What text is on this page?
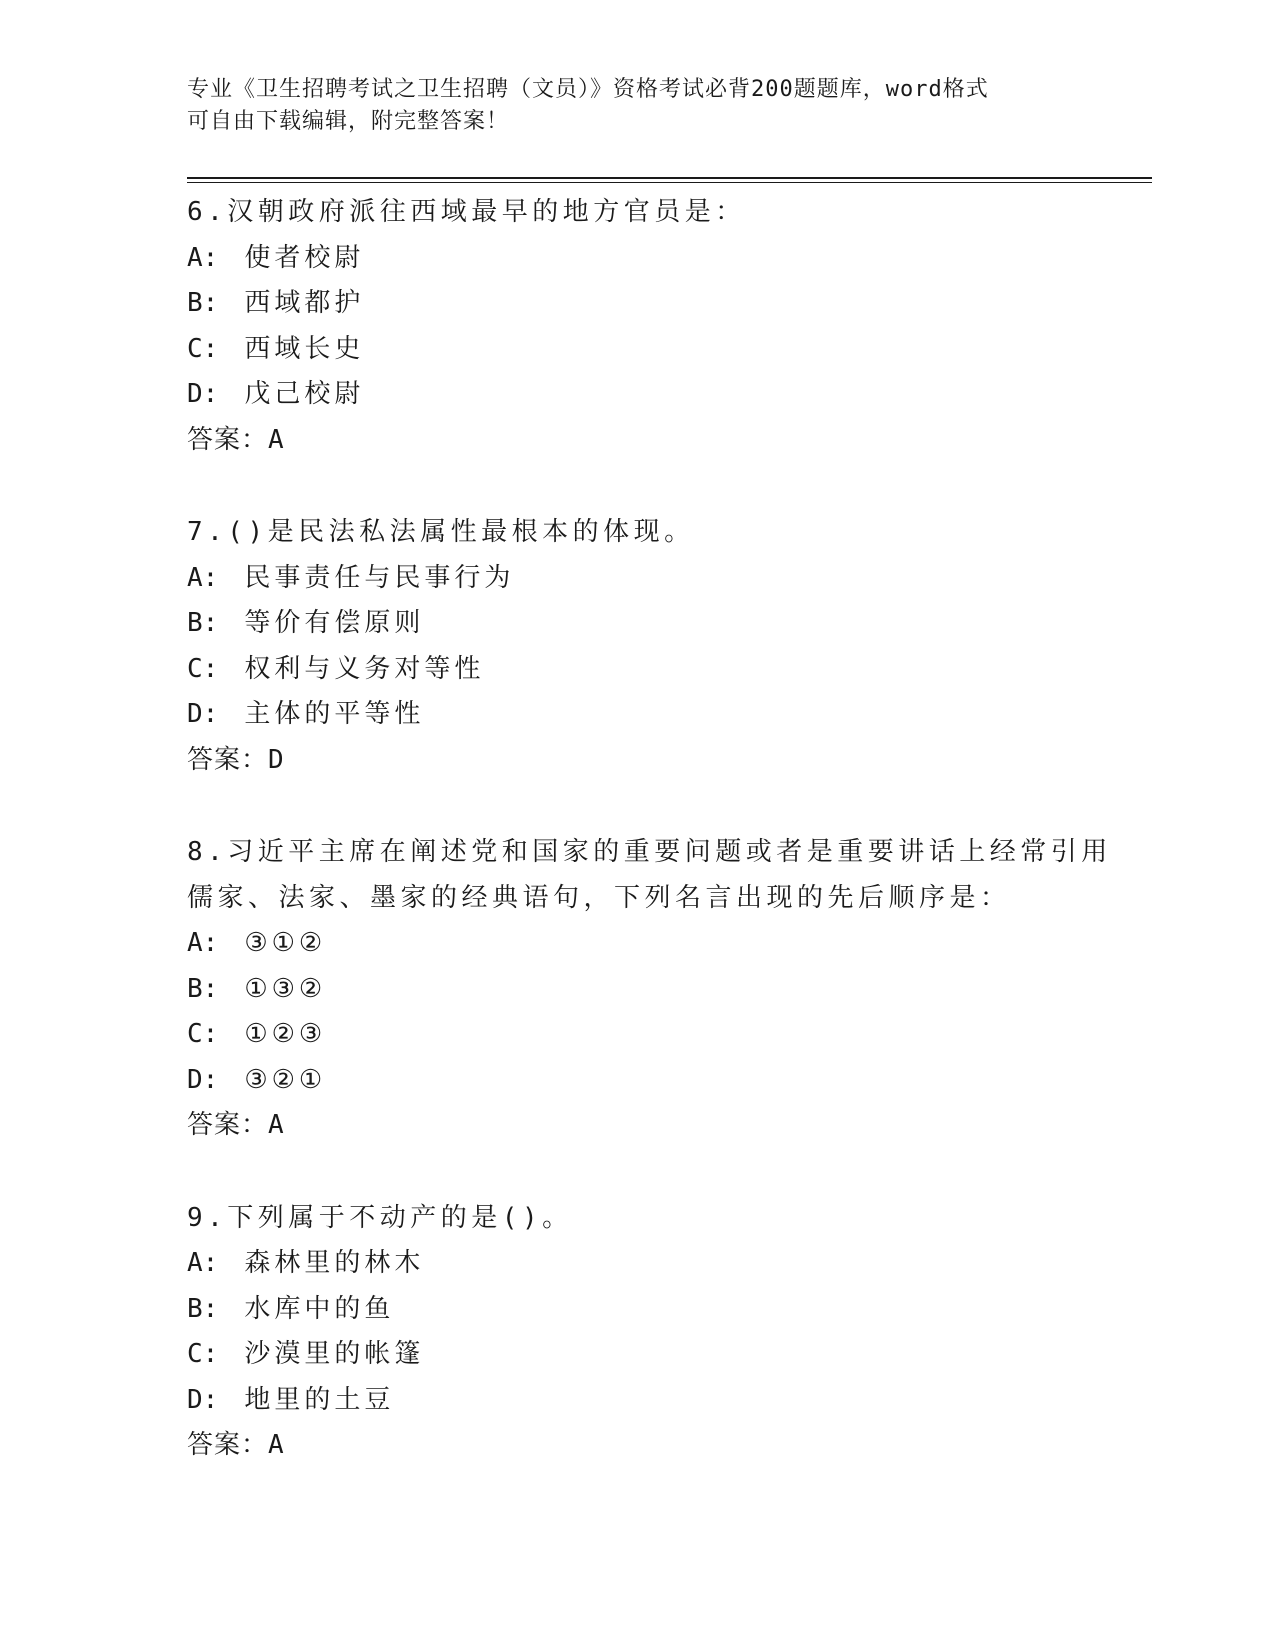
专业《卫生招聘考试之卫生招聘（文员）》资格考试必背200题题库，word格式
可自由下载编辑，附完整答案！
6.汉朝政府派往西域最早的地方官员是：
A: 使者校尉
B: 西域都护
C: 西域长史
D: 戊己校尉
答案：A
7.()是民法私法属性最根本的体现。
A: 民事责任与民事行为
B: 等价有偿原则
C: 权利与义务对等性
D: 主体的平等性
答案：D
8.习近平主席在阐述党和国家的重要问题或者是重要讲话上经常引用
儒家、法家、墨家的经典语句，下列名言出现的先后顺序是：
A: ③①②
B: ①③②
C: ①②③
D: ③②①
答案：A
9.下列属于不动产的是()。
A: 森林里的林木
B: 水库中的鱼
C: 沙漠里的帐篷
D: 地里的土豆
答案：A
